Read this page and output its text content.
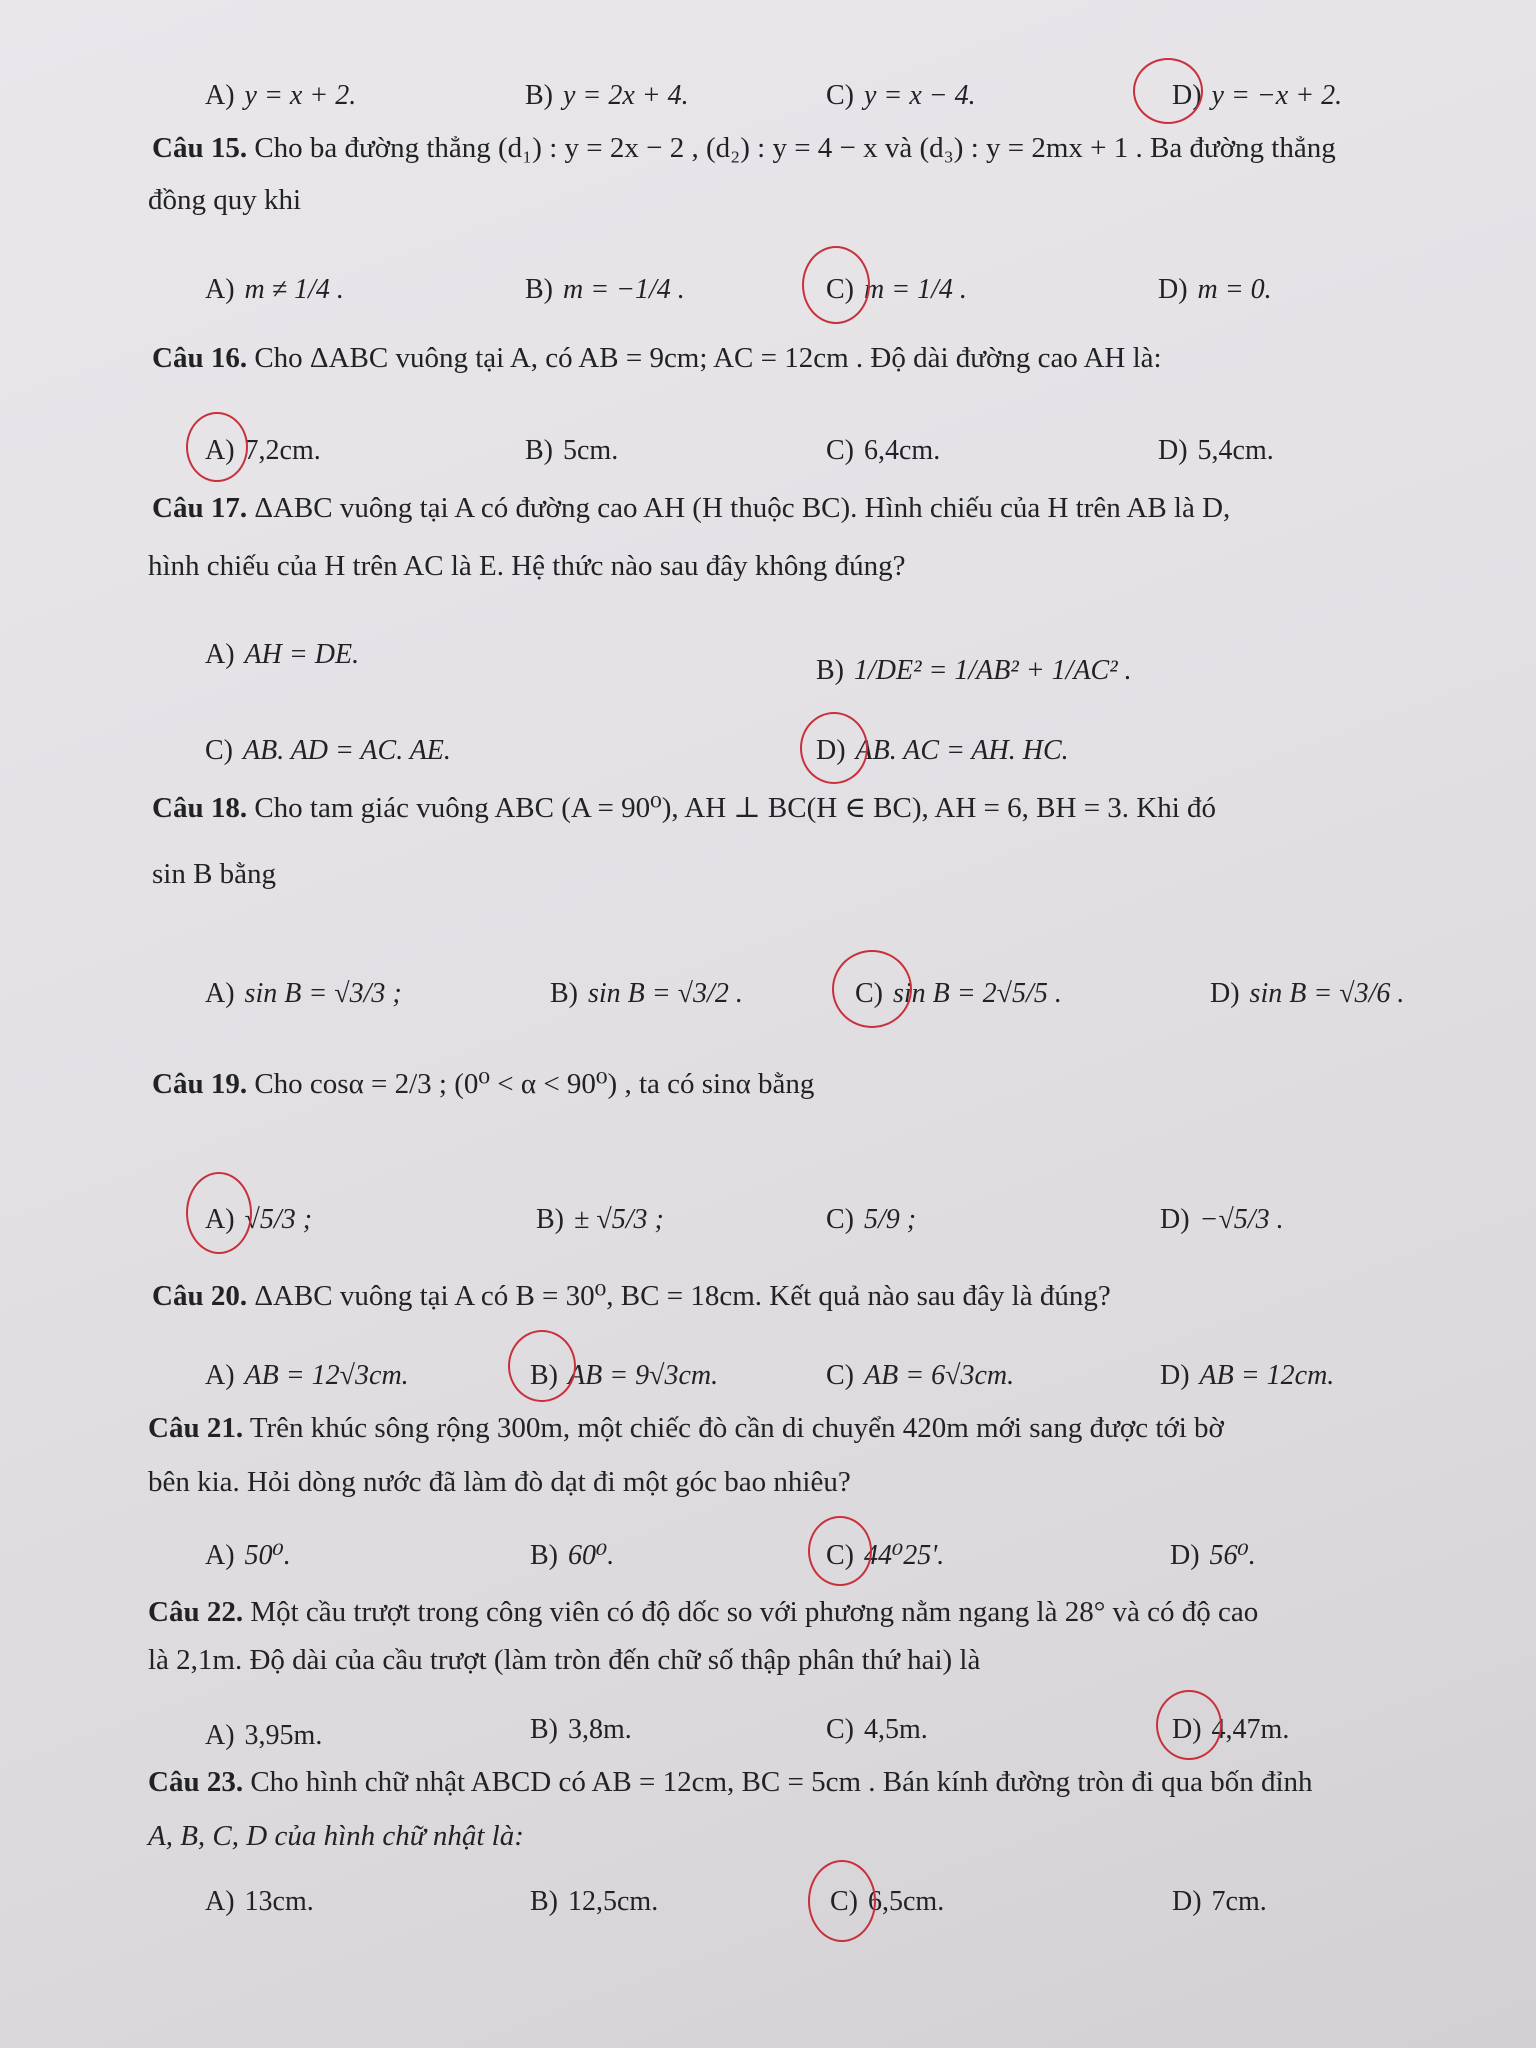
A) y = x + 2.	B) y = 2x + 4.	C) y = x − 4.	D) y = −x + 2.
Câu 15. Cho ba đường thẳng (d₁) : y = 2x − 2 , (d₂) : y = 4 − x và (d₃) : y = 2mx + 1 . Ba đường thẳng
đồng quy khi
A) m ≠ 1/4 .	B) m = −1/4 .	C) m = 1/4 .	D) m = 0.
Câu 16. Cho ΔABC vuông tại A, có AB = 9cm; AC = 12cm . Độ dài đường cao AH là:
A) 7,2cm.	B) 5cm.	C) 6,4cm.	D) 5,4cm.
Câu 17. ΔABC vuông tại A có đường cao AH (H thuộc BC). Hình chiếu của H trên AB là D,
hình chiếu của H trên AC là E. Hệ thức nào sau đây không đúng?
A) AH = DE.
B) 1/DE² = 1/AB² + 1/AC² .
C) AB. AD = AC. AE.	D) AB. AC = AH. HC.
Câu 18. Cho tam giác vuông ABC (A = 90⁰), AH ⊥ BC(H ∈ BC), AH = 6, BH = 3. Khi đó
sin B bằng
A) sin B = √3/3 ;	B) sin B = √3/2 .	C) sin B = 2√5/5 .	D) sin B = √3/6 .
Câu 19. Cho cosα = 2/3 ; (0⁰ < α < 90⁰) , ta có sinα bằng
A) √5/3 ;	B) ± √5/3 ;	C) 5/9 ;	D) −√5/3 .
Câu 20. ΔABC vuông tại A có B = 30⁰, BC = 18cm. Kết quả nào sau đây là đúng?
A) AB = 12√3cm.	B) AB = 9√3cm.	C) AB = 6√3cm.	D) AB = 12cm.
Câu 21. Trên khúc sông rộng 300m, một chiếc đò cần di chuyển 420m mới sang được tới bờ
bên kia. Hỏi dòng nước đã làm đò dạt đi một góc bao nhiêu?
A) 50⁰.	B) 60⁰.	C) 44⁰25'.	D) 56⁰.
Câu 22. Một cầu trượt trong công viên có độ dốc so với phương nằm ngang là 28° và có độ cao
là 2,1m. Độ dài của cầu trượt (làm tròn đến chữ số thập phân thứ hai) là
A) 3,95m.	B) 3,8m.	C) 4,5m.	D) 4,47m.
Câu 23. Cho hình chữ nhật ABCD có AB = 12cm, BC = 5cm . Bán kính đường tròn đi qua bốn đỉnh
A, B, C, D của hình chữ nhật là:
A) 13cm.	B) 12,5cm.	C) 6,5cm.	D) 7cm.
